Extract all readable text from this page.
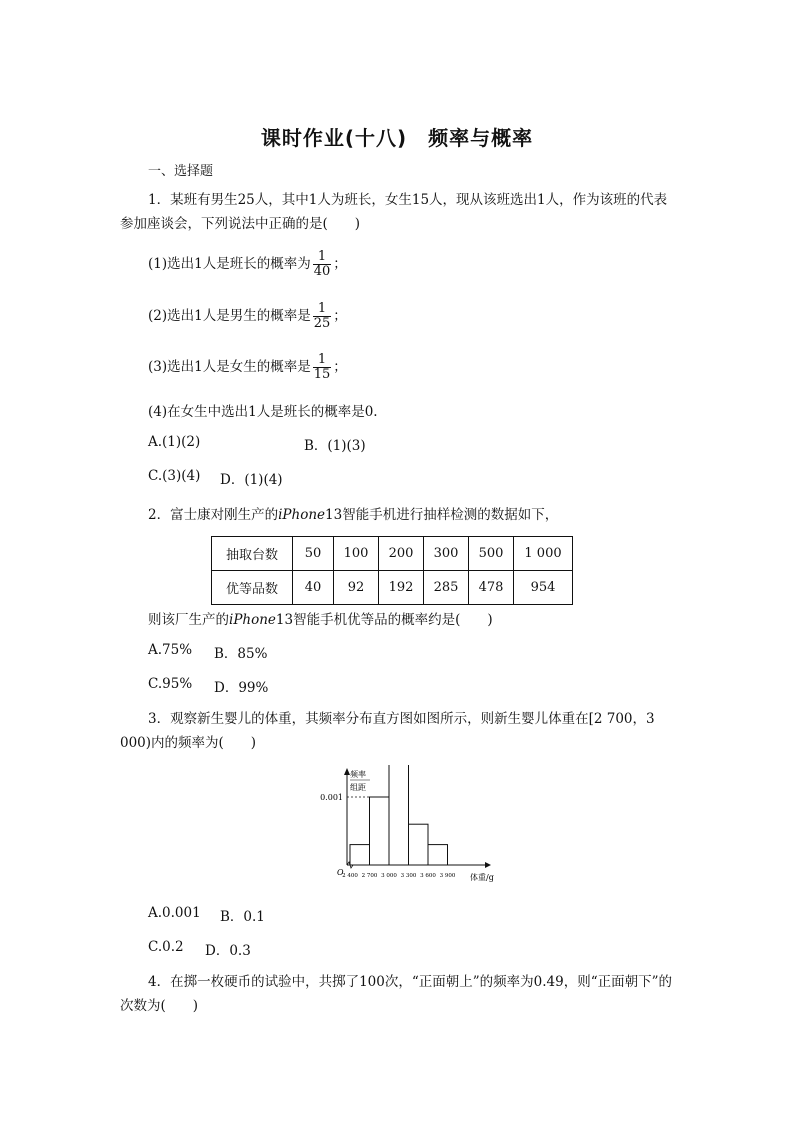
课时作业(十八)　频率与概率
一、选择题
1．某班有男生25人，其中1人为班长，女生15人，现从该班选出1人，作为该班的代表参加座谈会，下列说法中正确的是(　　)
(1)选出1人是班长的概率为 $\frac{1}{40}$ ；
(2)选出1人是男生的概率是 $\frac{1}{25}$ ；
(3)选出1人是女生的概率是 $\frac{1}{15}$ ；
(4)在女生中选出1人是班长的概率是0.
A.(1)(2)	B．(1)(3)
C.(3)(4) D．(1)(4)
2．富士康对刚生产的iPhone13智能手机进行抽样检测的数据如下，
抽取台数	50	100	200	300	500	1 000
优等品数	40	92	192	285	478	954
则该厂生产的iPhone13智能手机优等品的概率约是(　　)
A.75% B．85%
C.95% D．99%
3．观察新生婴儿的体重，其频率分布直方图如图所示，则新生婴儿体重在[2 700，3 000)内的频率为(　　)
0.001
频率
组距
O
2 400 2 700 3 000 3 300 3 600 3 900 体重/g
A.0.001 B．0.1
C.0.2 D．0.3
4．在掷一枚硬币的试验中，共掷了100次，“正面朝上”的频率为0.49，则“正面朝下”的次数为(　　)
